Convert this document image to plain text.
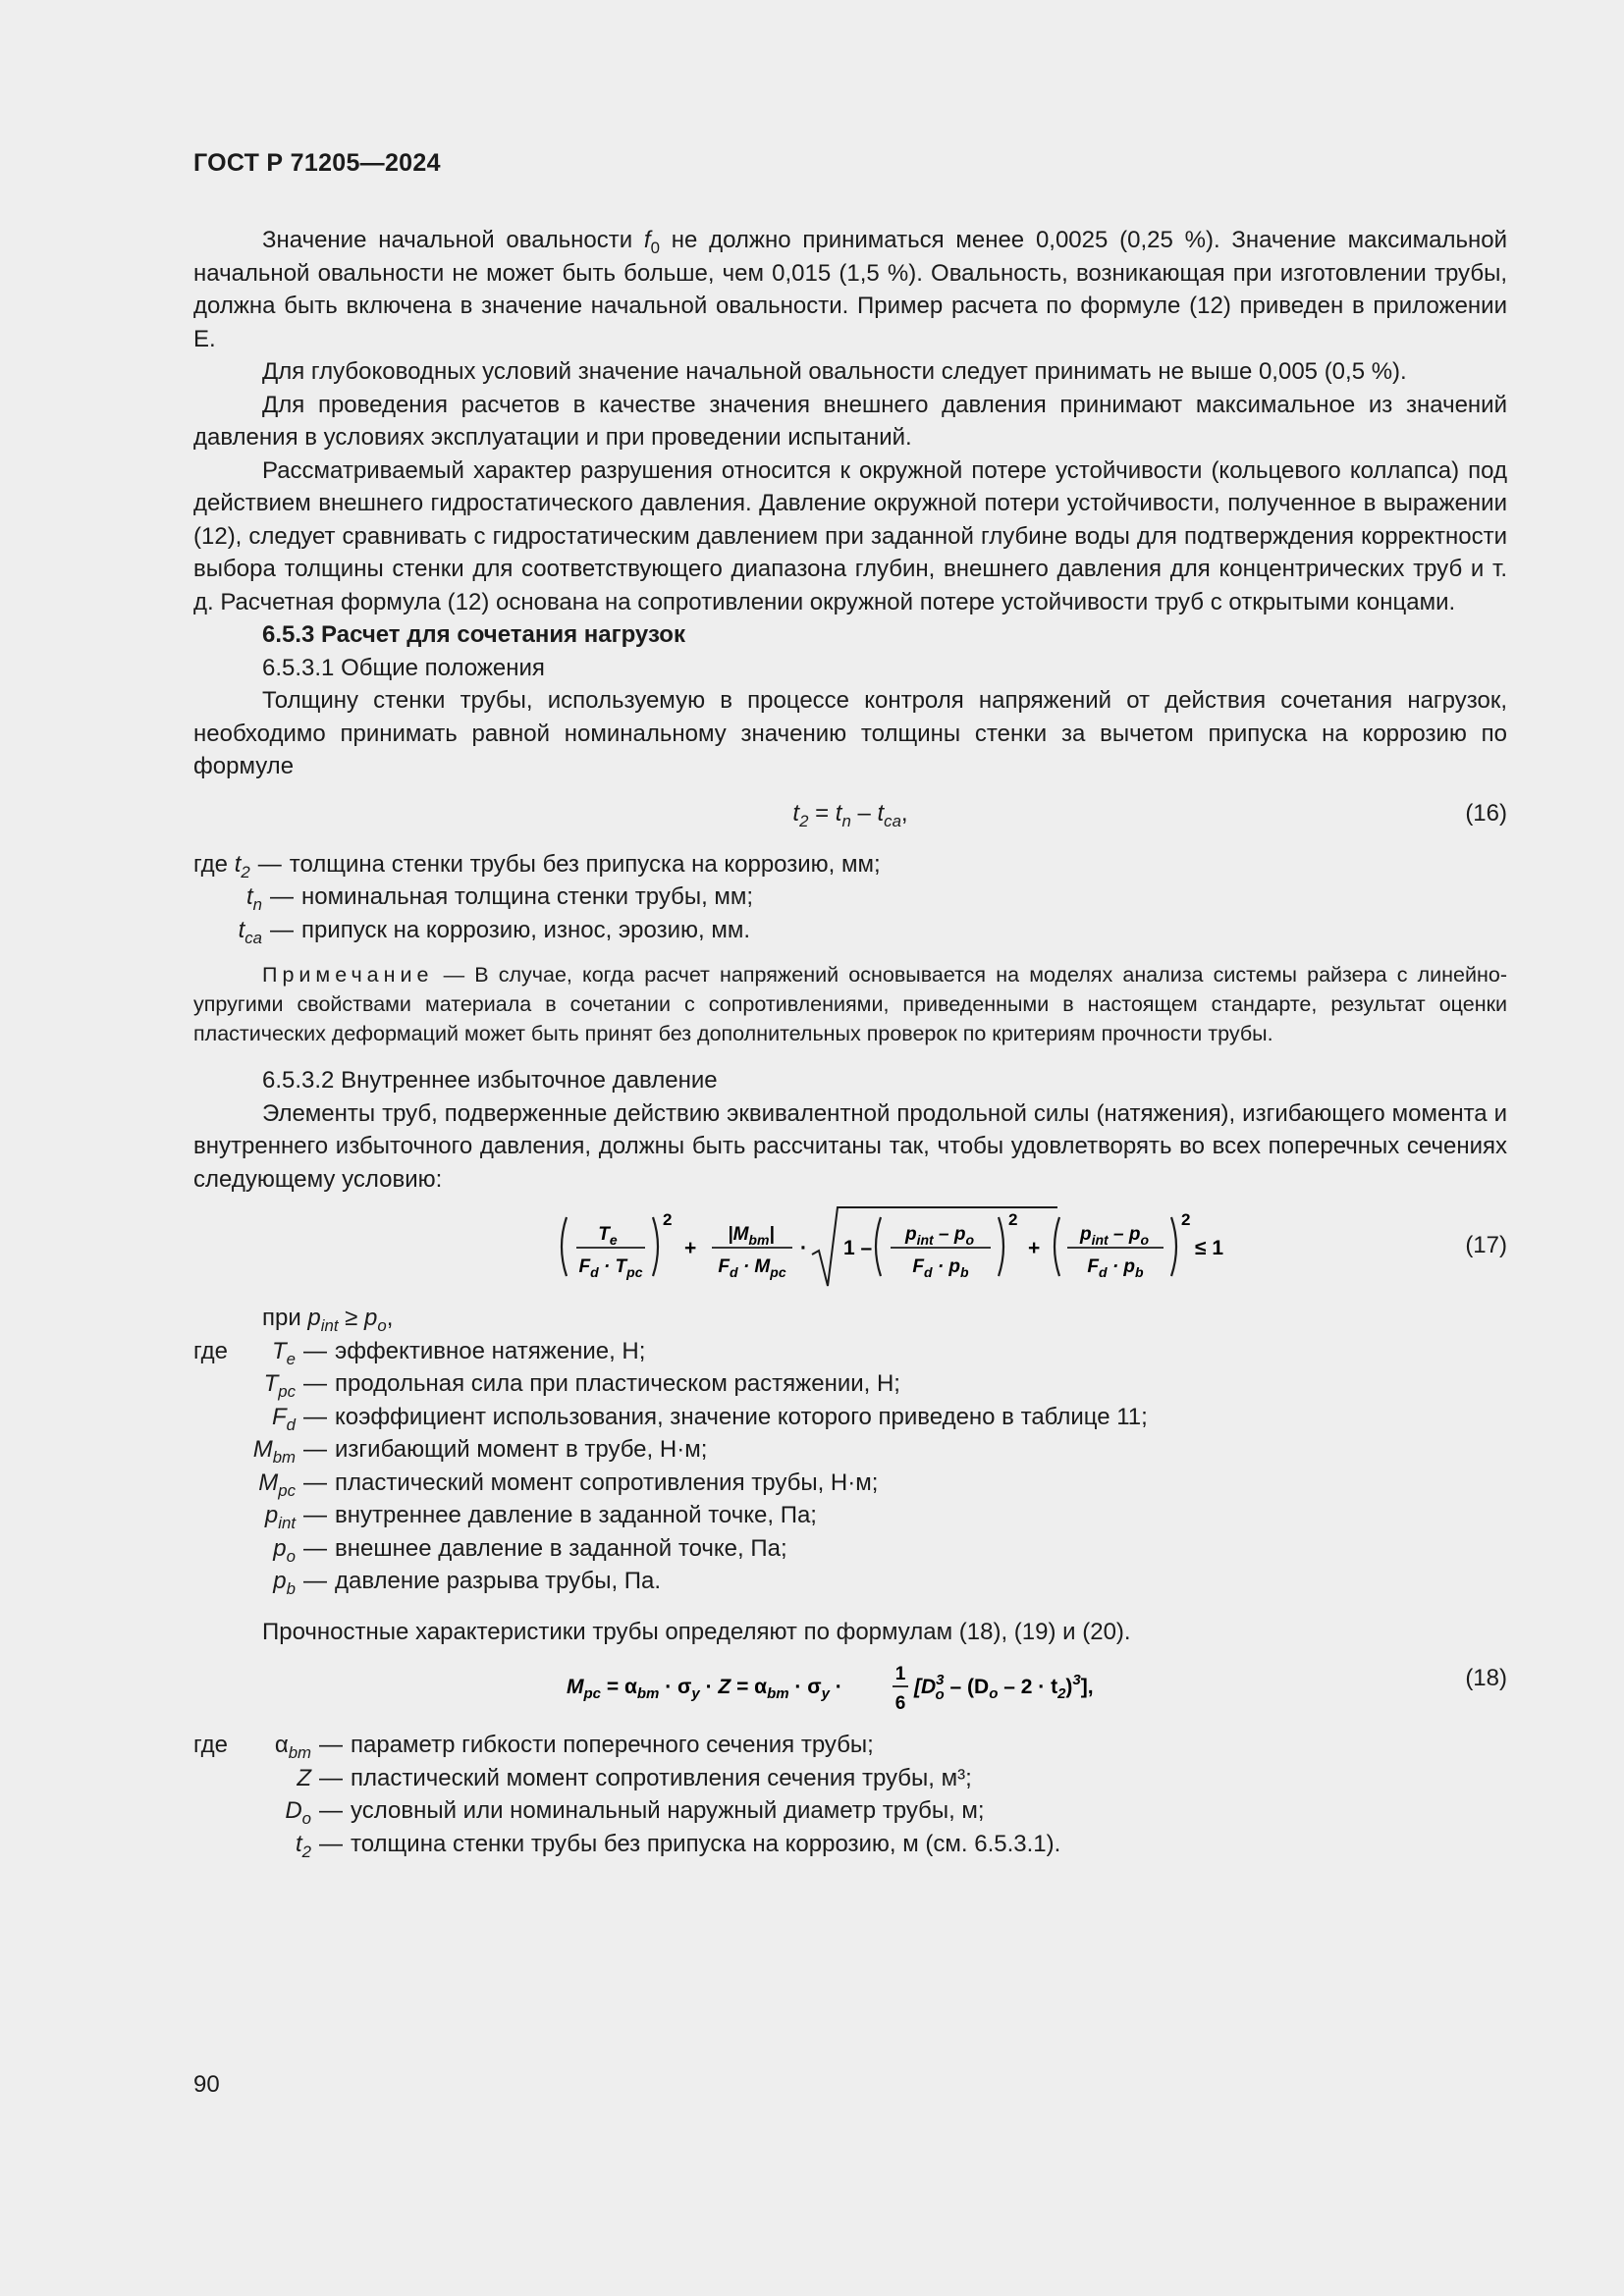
ГОСТ Р 71205—2024

Значение начальной овальности $f_0$ не должно приниматься менее 0,0025 (0,25 %). Значение максимальной начальной овальности не может быть больше, чем 0,015 (1,5 %). Овальность, возникающая при изготовлении трубы, должна быть включена в значение начальной овальности. Пример расчета по формуле (12) приведен в приложении Е.

Для глубоководных условий значение начальной овальности следует принимать не выше 0,005 (0,5 %).

Для проведения расчетов в качестве значения внешнего давления принимают максимальное из значений давления в условиях эксплуатации и при проведении испытаний.

Рассматриваемый характер разрушения относится к окружной потере устойчивости (кольцевого коллапса) под действием внешнего гидростатического давления. Давление окружной потери устойчивости, полученное в выражении (12), следует сравнивать с гидростатическим давлением при заданной глубине воды для подтверждения корректности выбора толщины стенки для соответствующего диапазона глубин, внешнего давления для концентрических труб и т. д. Расчетная формула (12) основана на сопротивлении окружной потере устойчивости труб с открытыми концами.

6.5.3 Расчет для сочетания нагрузок

6.5.3.1 Общие положения

Толщину стенки трубы, используемую в процессе контроля напряжений от действия сочетания нагрузок, необходимо принимать равной номинальному значению толщины стенки за вычетом припуска на коррозию по формуле

$t_2 = t_n - t_{ca}$,	(16)
где $t_2$ — толщина стенки трубы без припуска на коррозию, мм;
$t_n$ — номинальная толщина стенки трубы, мм;
$t_{ca}$ — припуск на коррозию, износ, эрозию, мм.
Примечание — В случае, когда расчет напряжений основывается на моделях анализа системы райзера с линейно-упругими свойствами материала в сочетании с сопротивлениями, приведенными в настоящем стандарте, результат оценки пластических деформаций может быть принят без дополнительных проверок по критериям прочности трубы.

6.5.3.2 Внутреннее избыточное давление

Элементы труб, подверженные действию эквивалентной продольной силы (натяжения), изгибающего момента и внутреннего избыточного давления, должны быть рассчитаны так, чтобы удовлетворять во всех поперечных сечениях следующему условию:

$T_e$
$F_d \cdot T_{pc}$
2
+
$|M_{bm}|$
$F_d \cdot M_{pc}$
· 1 –
$p_{int} - p_o$
$F_d \cdot p_b$
2
+
$p_{int} - p_o$
$F_d \cdot p_b$
2
≤ 1	(17)

при $p_{int} \ge p_o$,

где	$T_e$ — эффективное натяжение, Н;
$T_{pc}$ — продольная сила при пластическом растяжении, Н;
$F_d$ — коэффициент использования, значение которого приведено в таблице 11;
$M_{bm}$ — изгибающий момент в трубе, Н·м;
$M_{pc}$ — пластический момент сопротивления трубы, Н·м;
$p_{int}$ — внутреннее давление в заданной точке, Па;
$p_o$ — внешнее давление в заданной точке, Па;
$p_b$ — давление разрыва трубы, Па.

Прочностные характеристики трубы определяют по формулам (18), (19) и (20).

$M_{pc} = \alpha_{bm} \cdot \sigma_y \cdot Z = \alpha_{bm} \cdot \sigma_y$ ·
1
6
[$D^3$ $o - (D_o - 2 \cdot t_2)^3$],	(18)
где	$\alpha_{bm}$ — параметр гибкости поперечного сечения трубы;
Z — пластический момент сопротивления сечения трубы, м³;
$D_o$ — условный или номинальный наружный диаметр трубы, м;
$t_2$ — толщина стенки трубы без припуска на коррозию, м (см. 6.5.3.1).
90
